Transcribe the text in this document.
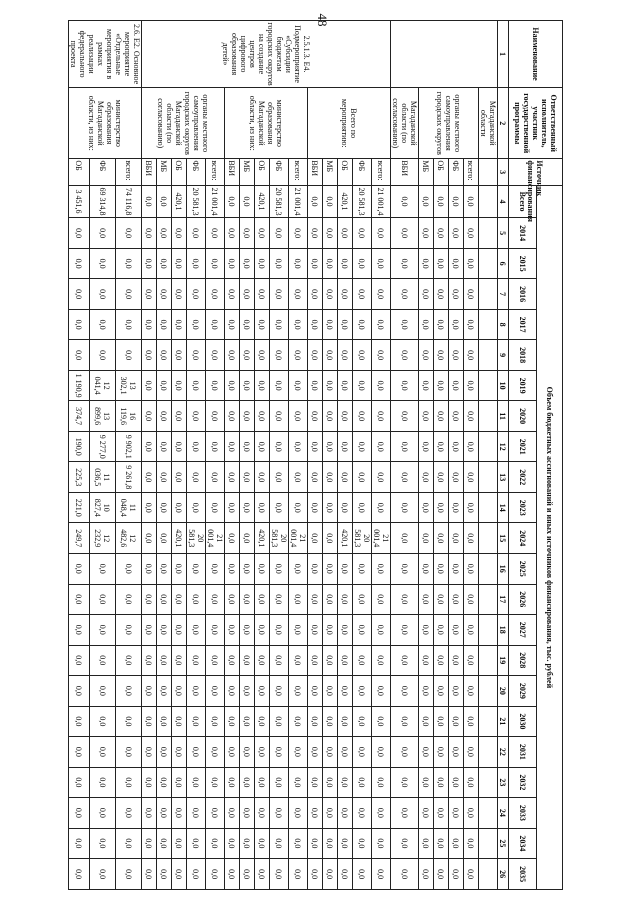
48
Наименование	Ответственный исполнитель, участник государственной программы	Источник финансирования	Объем бюджетных ассигнований и иных источников финансирования, тыс. рублей																						
			Всего	2014	2015	2016	2017	2018	2019	2020	2021	2022	2023	2024	2025	2026	2027	2028	2029	2030	2031	2032	2033	2034	2035
1	2	3	4	5	6	7	8	9	10	11	12	13	14	15	16	17	18	19	20	21	22	23	24	25	26
	Магаданской области																								
	органы местного самоуправления городских округов	всего:	0,0	0,0	0,0	0,0	0,0	0,0	0,0	0,0	0,0	0,0	0,0	0,0	0,0	0,0	0,0	0,0	0,0	0,0	0,0	0,0	0,0	0,0	0,0
		ФБ	0,0	0,0	0,0	0,0	0,0	0,0	0,0	0,0	0,0	0,0	0,0	0,0	0,0	0,0	0,0	0,0	0,0	0,0	0,0	0,0	0,0	0,0	0,0
		ОБ	0,0	0,0	0,0	0,0	0,0	0,0	0,0	0,0	0,0	0,0	0,0	0,0	0,0	0,0	0,0	0,0	0,0	0,0	0,0	0,0	0,0	0,0	0,0
		МБ	0,0	0,0	0,0	0,0	0,0	0,0	0,0	0,0	0,0	0,0	0,0	0,0	0,0	0,0	0,0	0,0	0,0	0,0	0,0	0,0	0,0	0,0	0,0
	Магаданской области (по согласованию)	ВБИ	0,0	0,0	0,0	0,0	0,0	0,0	0,0	0,0	0,0	0,0	0,0	0,0	0,0	0,0	0,0	0,0	0,0	0,0	0,0	0,0	0,0	0,0	0,0
2.5.1.3. Е4. Подмероприятие «Субсидии бюджетам городских округов на создание центров цифрового образования детей»	Всего по мероприятию:	всего:	21 001,4	0,0	0,0	0,0	0,0	0,0	0,0	0,0	0,0	0,0	0,0	21 001,4	0,0	0,0	0,0	0,0	0,0	0,0	0,0	0,0	0,0	0,0	0,0
		ФБ	20 581,3	0,0	0,0	0,0	0,0	0,0	0,0	0,0	0,0	0,0	0,0	20 581,3	0,0	0,0	0,0	0,0	0,0	0,0	0,0	0,0	0,0	0,0	0,0
		ОБ	420,1	0,0	0,0	0,0	0,0	0,0	0,0	0,0	0,0	0,0	0,0	420,1	0,0	0,0	0,0	0,0	0,0	0,0	0,0	0,0	0,0	0,0	0,0
		МБ	0,0	0,0	0,0	0,0	0,0	0,0	0,0	0,0	0,0	0,0	0,0	0,0	0,0	0,0	0,0	0,0	0,0	0,0	0,0	0,0	0,0	0,0	0,0
		ВБИ	0,0	0,0	0,0	0,0	0,0	0,0	0,0	0,0	0,0	0,0	0,0	0,0	0,0	0,0	0,0	0,0	0,0	0,0	0,0	0,0	0,0	0,0	0,0
	министерство образования Магаданской области, из них:	всего:	21 001,4	0,0	0,0	0,0	0,0	0,0	0,0	0,0	0,0	0,0	0,0	21 001,4	0,0	0,0	0,0	0,0	0,0	0,0	0,0	0,0	0,0	0,0	0,0
		ФБ	20 581,3	0,0	0,0	0,0	0,0	0,0	0,0	0,0	0,0	0,0	0,0	20 581,3	0,0	0,0	0,0	0,0	0,0	0,0	0,0	0,0	0,0	0,0	0,0
		ОБ	420,1	0,0	0,0	0,0	0,0	0,0	0,0	0,0	0,0	0,0	0,0	420,1	0,0	0,0	0,0	0,0	0,0	0,0	0,0	0,0	0,0	0,0	0,0
		МБ	0,0	0,0	0,0	0,0	0,0	0,0	0,0	0,0	0,0	0,0	0,0	0,0	0,0	0,0	0,0	0,0	0,0	0,0	0,0	0,0	0,0	0,0	0,0
		ВБИ	0,0	0,0	0,0	0,0	0,0	0,0	0,0	0,0	0,0	0,0	0,0	0,0	0,0	0,0	0,0	0,0	0,0	0,0	0,0	0,0	0,0	0,0	0,0
	органы местного самоуправления городских округов Магаданской области (по согласованию)	всего:	21 001,4	0,0	0,0	0,0	0,0	0,0	0,0	0,0	0,0	0,0	0,0	21 001,4	0,0	0,0	0,0	0,0	0,0	0,0	0,0	0,0	0,0	0,0	0,0
		ФБ	20 581,3	0,0	0,0	0,0	0,0	0,0	0,0	0,0	0,0	0,0	0,0	20 581,3	0,0	0,0	0,0	0,0	0,0	0,0	0,0	0,0	0,0	0,0	0,0
		ОБ	420,1	0,0	0,0	0,0	0,0	0,0	0,0	0,0	0,0	0,0	0,0	420,1	0,0	0,0	0,0	0,0	0,0	0,0	0,0	0,0	0,0	0,0	0,0
		МБ	0,0	0,0	0,0	0,0	0,0	0,0	0,0	0,0	0,0	0,0	0,0	0,0	0,0	0,0	0,0	0,0	0,0	0,0	0,0	0,0	0,0	0,0	0,0
		ВБИ	0,0	0,0	0,0	0,0	0,0	0,0	0,0	0,0	0,0	0,0	0,0	0,0	0,0	0,0	0,0	0,0	0,0	0,0	0,0	0,0	0,0	0,0	0,0
2.6. Е2. Основное мероприятие «Отдельные мероприятия в рамках реализации федерального проекта	министерство образования Магаданской области, из них:	всего:	74 116,8	0,0	0,0	0,0	0,0	0,0	13 302,1	16 119,6	9 902,1	9 261,8	11 048,4	12 482,6	0,0	0,0	0,0	0,0	0,0	0,0	0,0	0,0	0,0	0,0	0,0
		ФБ	69 314,8	0,0	0,0	0,0	0,0	0,0	12 041,4	13 899,6	9 277,0	11 036,5	10 827,4	12 232,9	0,0	0,0	0,0	0,0	0,0	0,0	0,0	0,0	0,0	0,0	0,0
		ОБ	3 451,6	0,0	0,0	0,0	0,0	0,0	1 190,9	374,7	190,0	225,3	221,0	249,7	0,0	0,0	0,0	0,0	0,0	0,0	0,0	0,0	0,0	0,0	0,0
